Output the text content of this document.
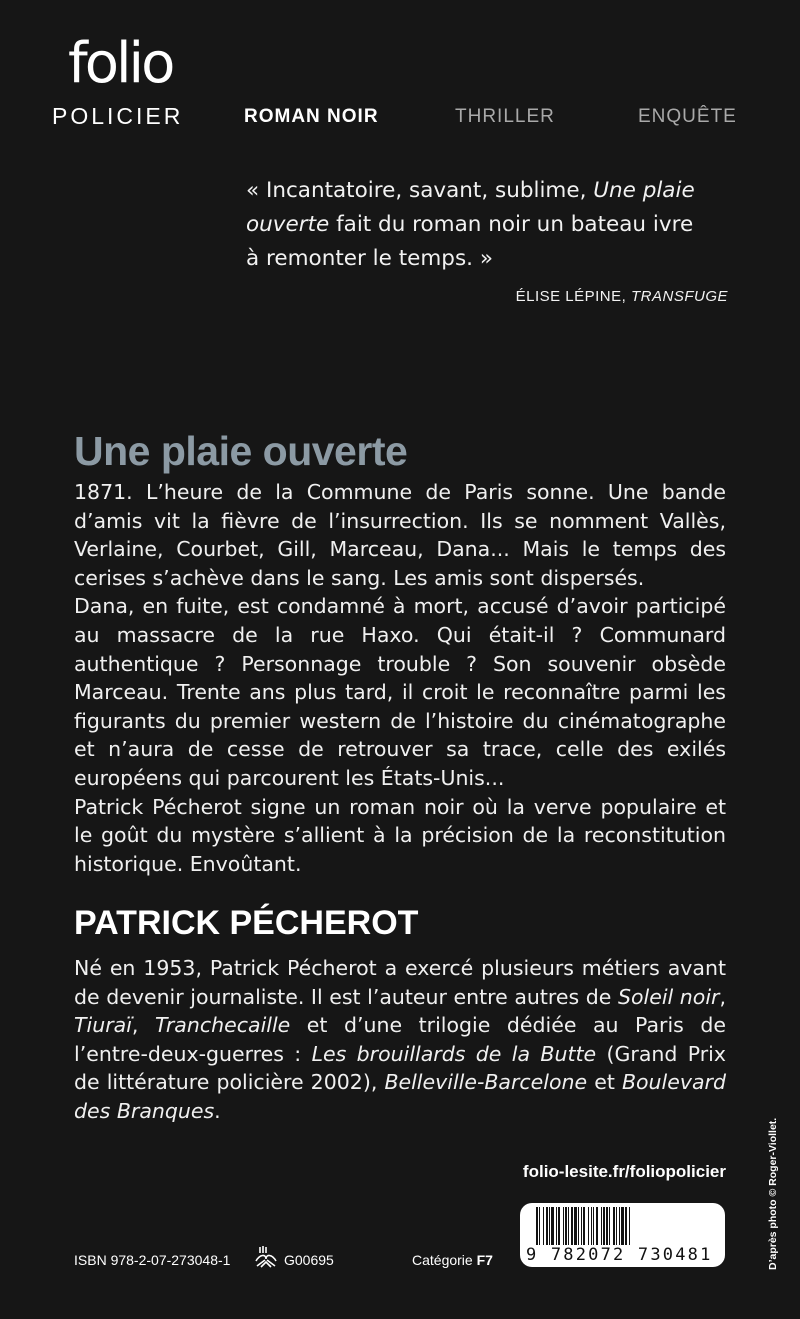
folio
POLICIER	ROMAN NOIR	THRILLER	ENQUÊTE

« Incantatoire, savant, sublime, Une plaie ouverte fait du roman noir un bateau ivre à remonter le temps. »

ÉLISE LÉPINE, TRANSFUGE
Une plaie ouverte

1871. L’heure de la Commune de Paris sonne. Une bande d’amis vit la fièvre de l’insurrection. Ils se nomment Vallès, Verlaine, Courbet, Gill, Marceau, Dana... Mais le temps des cerises s’achève dans le sang. Les amis sont dispersés.

Dana, en fuite, est condamné à mort, accusé d’avoir participé au massacre de la rue Haxo. Qui était-il ? Communard authentique ? Personnage trouble ? Son souvenir obsède Marceau. Trente ans plus tard, il croit le reconnaître parmi les figurants du premier western de l’histoire du cinématographe et n’aura de cesse de retrouver sa trace, celle des exilés européens qui parcourent les États-Unis...

Patrick Pécherot signe un roman noir où la verve populaire et le goût du mystère s’allient à la précision de la reconstitution historique. Envoûtant.

PATRICK PÉCHEROT

Né en 1953, Patrick Pécherot a exercé plusieurs métiers avant de devenir journaliste. Il est l’auteur entre autres de Soleil noir, Tiuraï, Tranchecaille et d’une trilogie dédiée au Paris de l’entre-deux-guerres : Les brouillards de la Butte (Grand Prix de littérature policière 2002), Belleville-Barcelone et Boulevard des Branques.

folio-lesite.fr/foliopolicier	D’après photo © Roger-Viollet.
ISBN 978-2-07-273048-1	G00695	Catégorie F7 9 782072 730481
